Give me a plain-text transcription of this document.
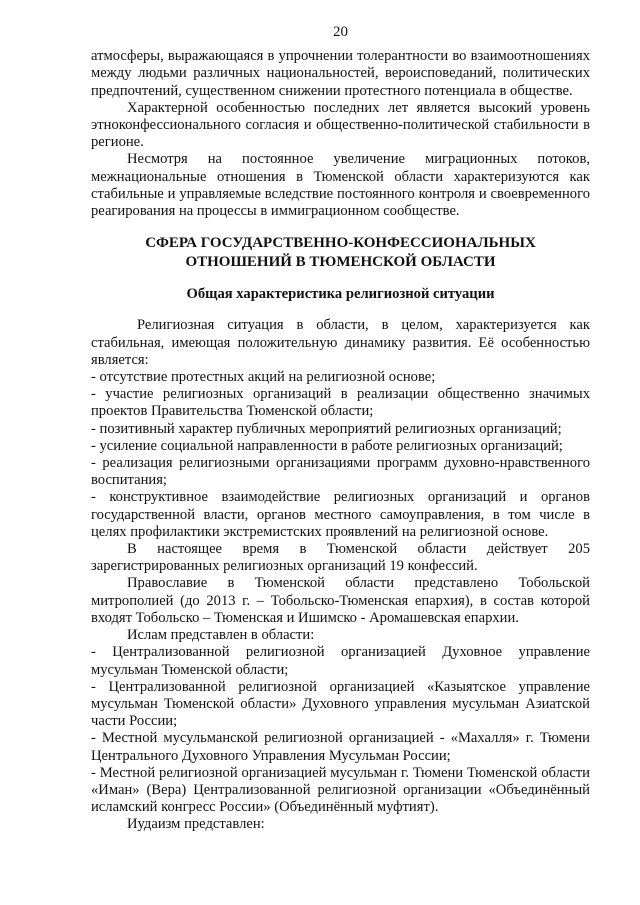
20

атмосферы, выражающаяся в упрочнении толерантности во взаимоотношениях между людьми различных национальностей, вероисповеданий, политических предпочтений, существенном снижении протестного потенциала в обществе.

Характерной особенностью последних лет является высокий уровень этноконфессионального согласия и общественно-политической стабильности в регионе.

Несмотря на постоянное увеличение миграционных потоков, межнациональные отношения в Тюменской области характеризуются как стабильные и управляемые вследствие постоянного контроля и своевременного реагирования на процессы в иммиграционном сообществе.

СФЕРА ГОСУДАРСТВЕННО-КОНФЕССИОНАЛЬНЫХ
ОТНОШЕНИЙ В ТЮМЕНСКОЙ ОБЛАСТИ
Общая характеристика религиозной ситуации

Религиозная ситуация в области, в целом, характеризуется как стабильная, имеющая положительную динамику развития. Её особенностью является:

- отсутствие протестных акций на религиозной основе;

- участие религиозных организаций в реализации общественно значимых проектов Правительства Тюменской области;

- позитивный характер публичных мероприятий религиозных организаций;

- усиление социальной направленности в работе религиозных организаций;

- реализация религиозными организациями программ духовно-нравственного воспитания;

- конструктивное взаимодействие религиозных организаций и органов государственной власти, органов местного самоуправления, в том числе в целях профилактики экстремистских проявлений на религиозной основе.

В настоящее время в Тюменской области действует 205 зарегистрированных религиозных организаций 19 конфессий.

Православие в Тюменской области представлено Тобольской митрополией (до 2013 г. – Тобольско-Тюменская епархия), в состав которой входят Тобольско – Тюменская и Ишимско - Аромашевская епархии.

Ислам представлен в области:

- Централизованной религиозной организацией Духовное управление мусульман Тюменской области;

- Централизованной религиозной организацией «Казыятское управление мусульман Тюменской области» Духовного управления мусульман Азиатской части России;

- Местной мусульманской религиозной организацией - «Махалля» г. Тюмени Центрального Духовного Управления Мусульман России;

- Местной религиозной организацией мусульман г. Тюмени Тюменской области «Иман» (Вера) Централизованной религиозной организации «Объединённый исламский конгресс России» (Объединённый муфтият).

Иудаизм представлен:
